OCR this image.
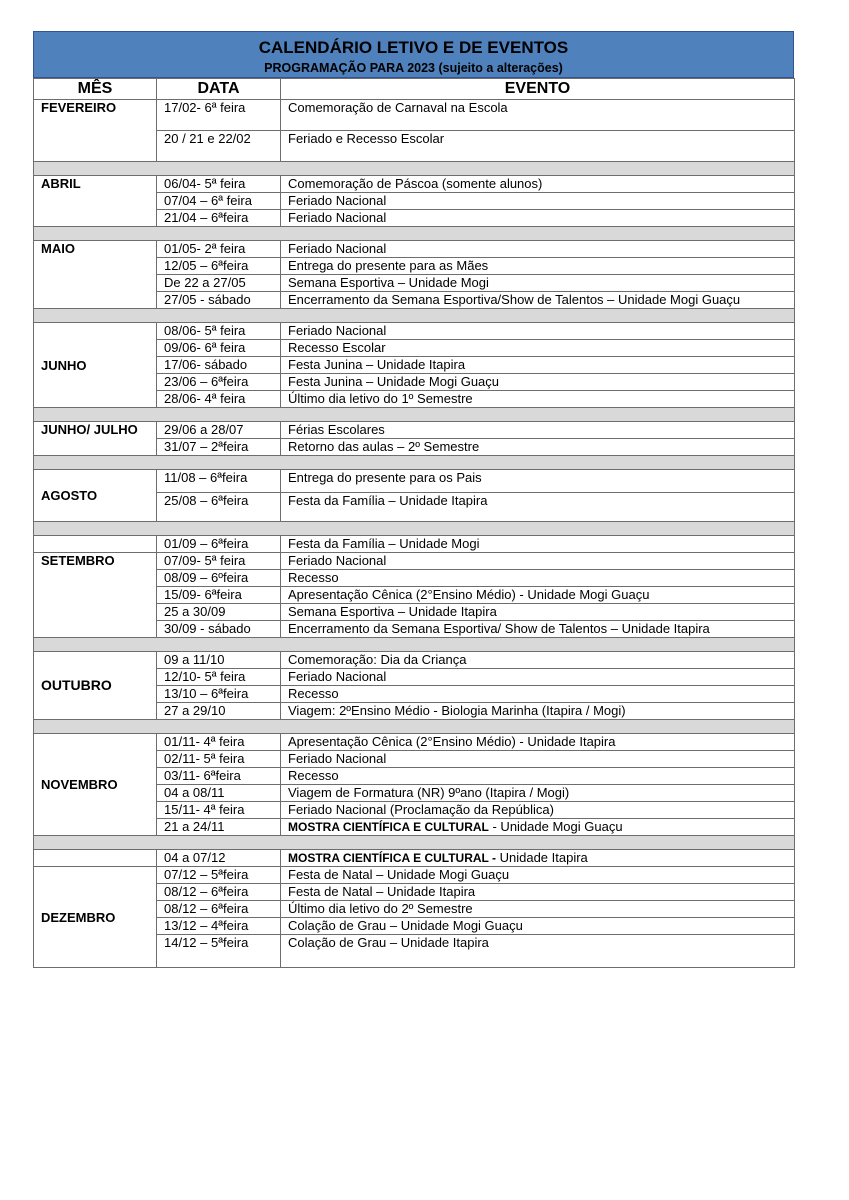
CALENDÁRIO LETIVO E DE EVENTOS
PROGRAMAÇÃO PARA 2023 (sujeito a alterações)
MÊS	DATA	EVENTO
FEVEREIRO	17/02- 6ª feira	Comemoração de Carnaval na Escola
	20 / 21 e 22/02	Feriado e Recesso Escolar

ABRIL	06/04- 5ª feira	Comemoração de Páscoa (somente alunos)
	07/04 – 6ª feira	Feriado Nacional
	21/04 – 6ªfeira	Feriado Nacional

MAIO	01/05- 2ª feira	Feriado Nacional
	12/05 – 6ªfeira	Entrega do presente para as Mães
	De 22 a 27/05	Semana Esportiva – Unidade Mogi
	27/05 - sábado	Encerramento da Semana Esportiva/Show de Talentos – Unidade Mogi Guaçu

JUNHO	08/06- 5ª feira	Feriado Nacional
	09/06- 6ª feira	Recesso Escolar
	17/06- sábado	Festa Junina – Unidade Itapira
	23/06 – 6ªfeira	Festa Junina – Unidade Mogi Guaçu
	28/06- 4ª feira	Último dia letivo do 1º Semestre

JUNHO/ JULHO	29/06 a 28/07	Férias Escolares
	31/07 – 2ªfeira	Retorno das aulas – 2º Semestre

AGOSTO	11/08 – 6ªfeira	Entrega do presente para os Pais
	25/08 – 6ªfeira	Festa da Família – Unidade Itapira

	01/09 – 6ªfeira	Festa da Família – Unidade Mogi
SETEMBRO	07/09- 5ª feira	Feriado Nacional
	08/09 – 6ºfeira	Recesso
	15/09- 6ªfeira	Apresentação Cênica (2°Ensino Médio) - Unidade Mogi Guaçu
	25 a 30/09	Semana Esportiva – Unidade Itapira
	30/09 - sábado	Encerramento da Semana Esportiva/ Show de Talentos – Unidade Itapira

OUTUBRO	09 a 11/10	Comemoração: Dia da Criança
	12/10- 5ª feira	Feriado Nacional
	13/10 – 6ªfeira	Recesso
	27 a 29/10	Viagem: 2ºEnsino Médio - Biologia Marinha (Itapira / Mogi)

NOVEMBRO	01/11- 4ª feira	Apresentação Cênica (2°Ensino Médio) - Unidade Itapira
	02/11- 5ª feira	Feriado Nacional
	03/11- 6ªfeira	Recesso
	04 a 08/11	Viagem de Formatura (NR) 9ºano (Itapira / Mogi)
	15/11- 4ª feira	Feriado Nacional (Proclamação da República)
	21 a 24/11	MOSTRA CIENTÍFICA E CULTURAL - Unidade Mogi Guaçu

	04 a 07/12	MOSTRA CIENTÍFICA E CULTURAL - Unidade Itapira
DEZEMBRO	07/12 – 5ªfeira	Festa de Natal – Unidade Mogi Guaçu
	08/12 – 6ªfeira	Festa de Natal – Unidade Itapira
	08/12 – 6ªfeira	Último dia letivo do 2º Semestre
	13/12 – 4ªfeira	Colação de Grau – Unidade Mogi Guaçu
	14/12 – 5ªfeira	Colação de Grau – Unidade Itapira
